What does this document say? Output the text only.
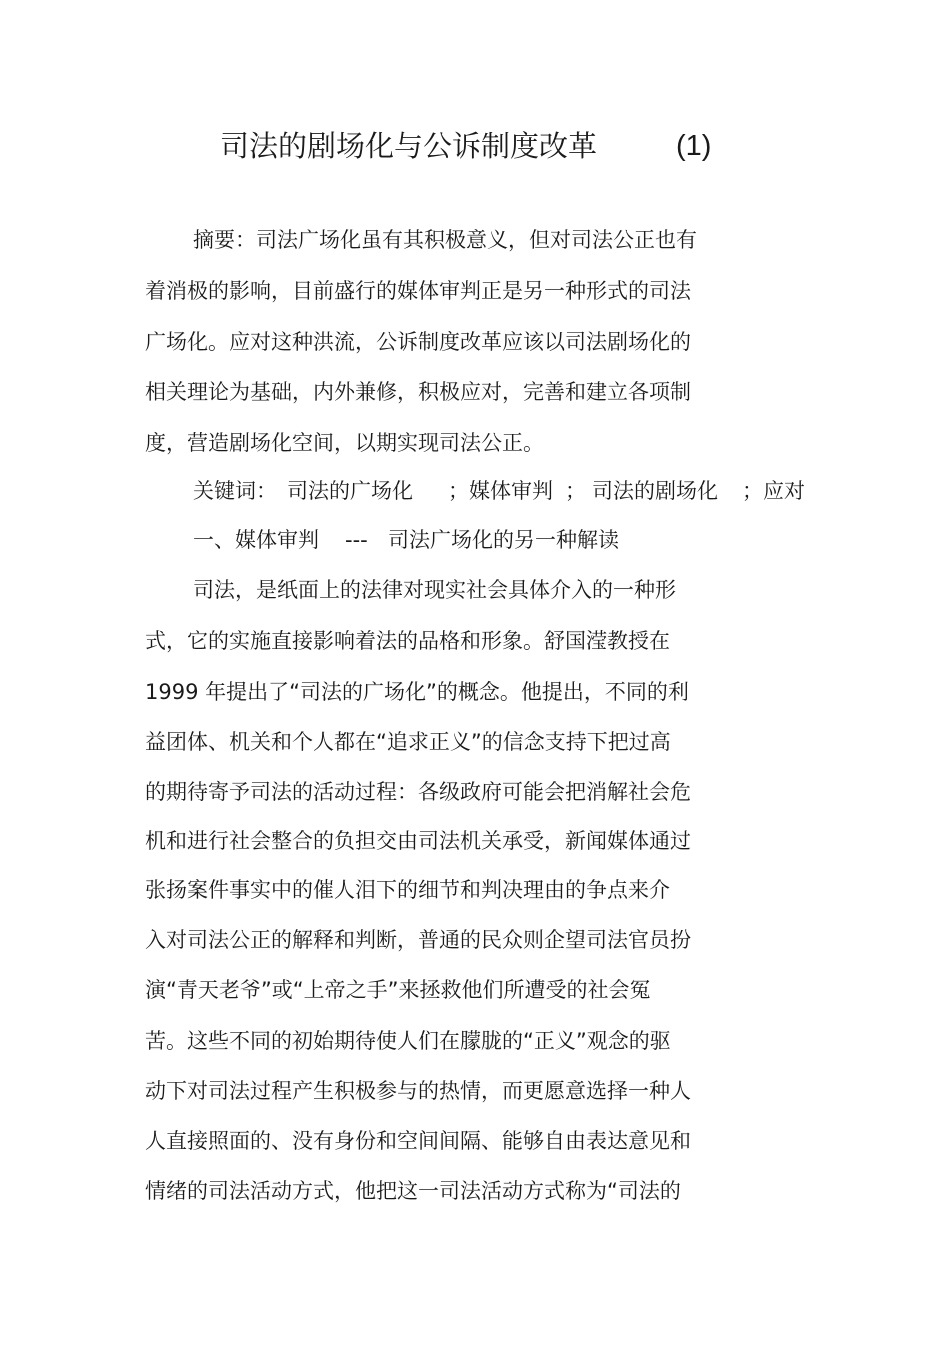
司法的剧场化与公诉制度改革	(1)
摘要：司法广场化虽有其积极意义，但对司法公正也有
着消极的影响，目前盛行的媒体审判正是另一种形式的司法
广场化。应对这种洪流，公诉制度改革应该以司法剧场化的
相关理论为基础，内外兼修，积极应对，完善和建立各项制
度，营造剧场化空间，以期实现司法公正。
关键词： 司法的广场化 ；媒体审判 ； 司法的剧场化 ；应对
一、媒体审判 --- 司法广场化的另一种解读
司法，是纸面上的法律对现实社会具体介入的一种形
式，它的实施直接影响着法的品格和形象。舒国滢教授在
1999 年提出了“司法的广场化”的概念。他提出，不同的利
益团体、机关和个人都在“追求正义”的信念支持下把过高
的期待寄予司法的活动过程：各级政府可能会把消解社会危
机和进行社会整合的负担交由司法机关承受，新闻媒体通过
张扬案件事实中的催人泪下的细节和判决理由的争点来介
入对司法公正的解释和判断，普通的民众则企望司法官员扮
演“青天老爷”或“上帝之手”来拯救他们所遭受的社会冤
苦。这些不同的初始期待使人们在朦胧的“正义”观念的驱
动下对司法过程产生积极参与的热情，而更愿意选择一种人
人直接照面的、没有身份和空间间隔、能够自由表达意见和
情绪的司法活动方式，他把这一司法活动方式称为“司法的
